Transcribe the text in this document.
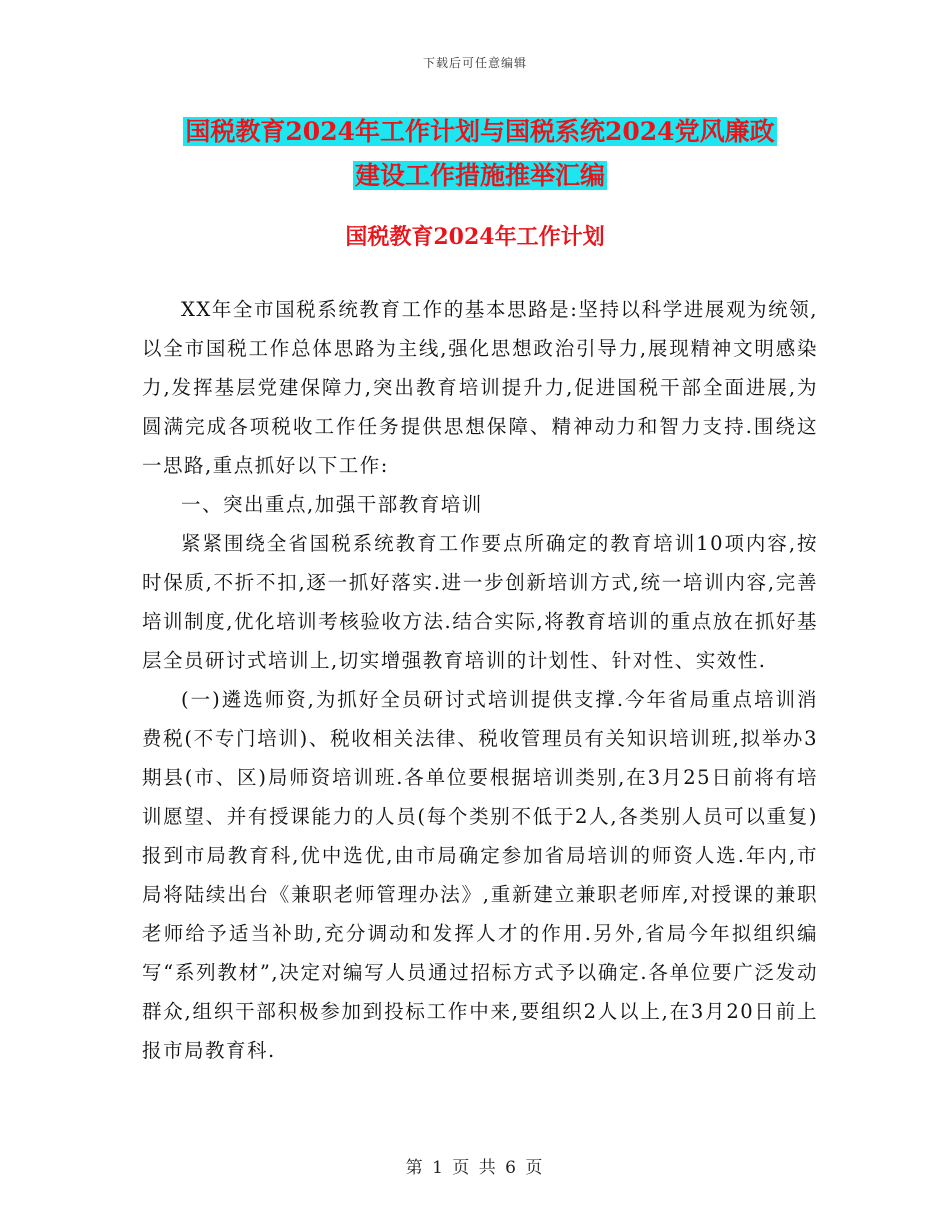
下载后可任意编辑
国税教育2024年工作计划与国税系统2024党风廉政
建设工作措施推举汇编
国税教育2024年工作计划

XX年全市国税系统教育工作的基本思路是:坚持以科学进展观为统领,以全市国税工作总体思路为主线,强化思想政治引导力,展现精神文明感染力,发挥基层党建保障力,突出教育培训提升力,促进国税干部全面进展,为圆满完成各项税收工作任务提供思想保障、精神动力和智力支持.围绕这一思路,重点抓好以下工作:

一、突出重点,加强干部教育培训

紧紧围绕全省国税系统教育工作要点所确定的教育培训10项内容,按时保质,不折不扣,逐一抓好落实.进一步创新培训方式,统一培训内容,完善培训制度,优化培训考核验收方法.结合实际,将教育培训的重点放在抓好基层全员研讨式培训上,切实增强教育培训的计划性、针对性、实效性.

(一)遴选师资,为抓好全员研讨式培训提供支撑.今年省局重点培训消费税(不专门培训)、税收相关法律、税收管理员有关知识培训班,拟举办3期县(市、区)局师资培训班.各单位要根据培训类别,在3月25日前将有培训愿望、并有授课能力的人员(每个类别不低于2人,各类别人员可以重复)报到市局教育科,优中选优,由市局确定参加省局培训的师资人选.年内,市局将陆续出台《兼职老师管理办法》,重新建立兼职老师库,对授课的兼职老师给予适当补助,充分调动和发挥人才的作用.另外,省局今年拟组织编写“系列教材”,决定对编写人员通过招标方式予以确定.各单位要广泛发动群众,组织干部积极参加到投标工作中来,要组织2人以上,在3月20日前上报市局教育科.

第 1 页 共 6 页
